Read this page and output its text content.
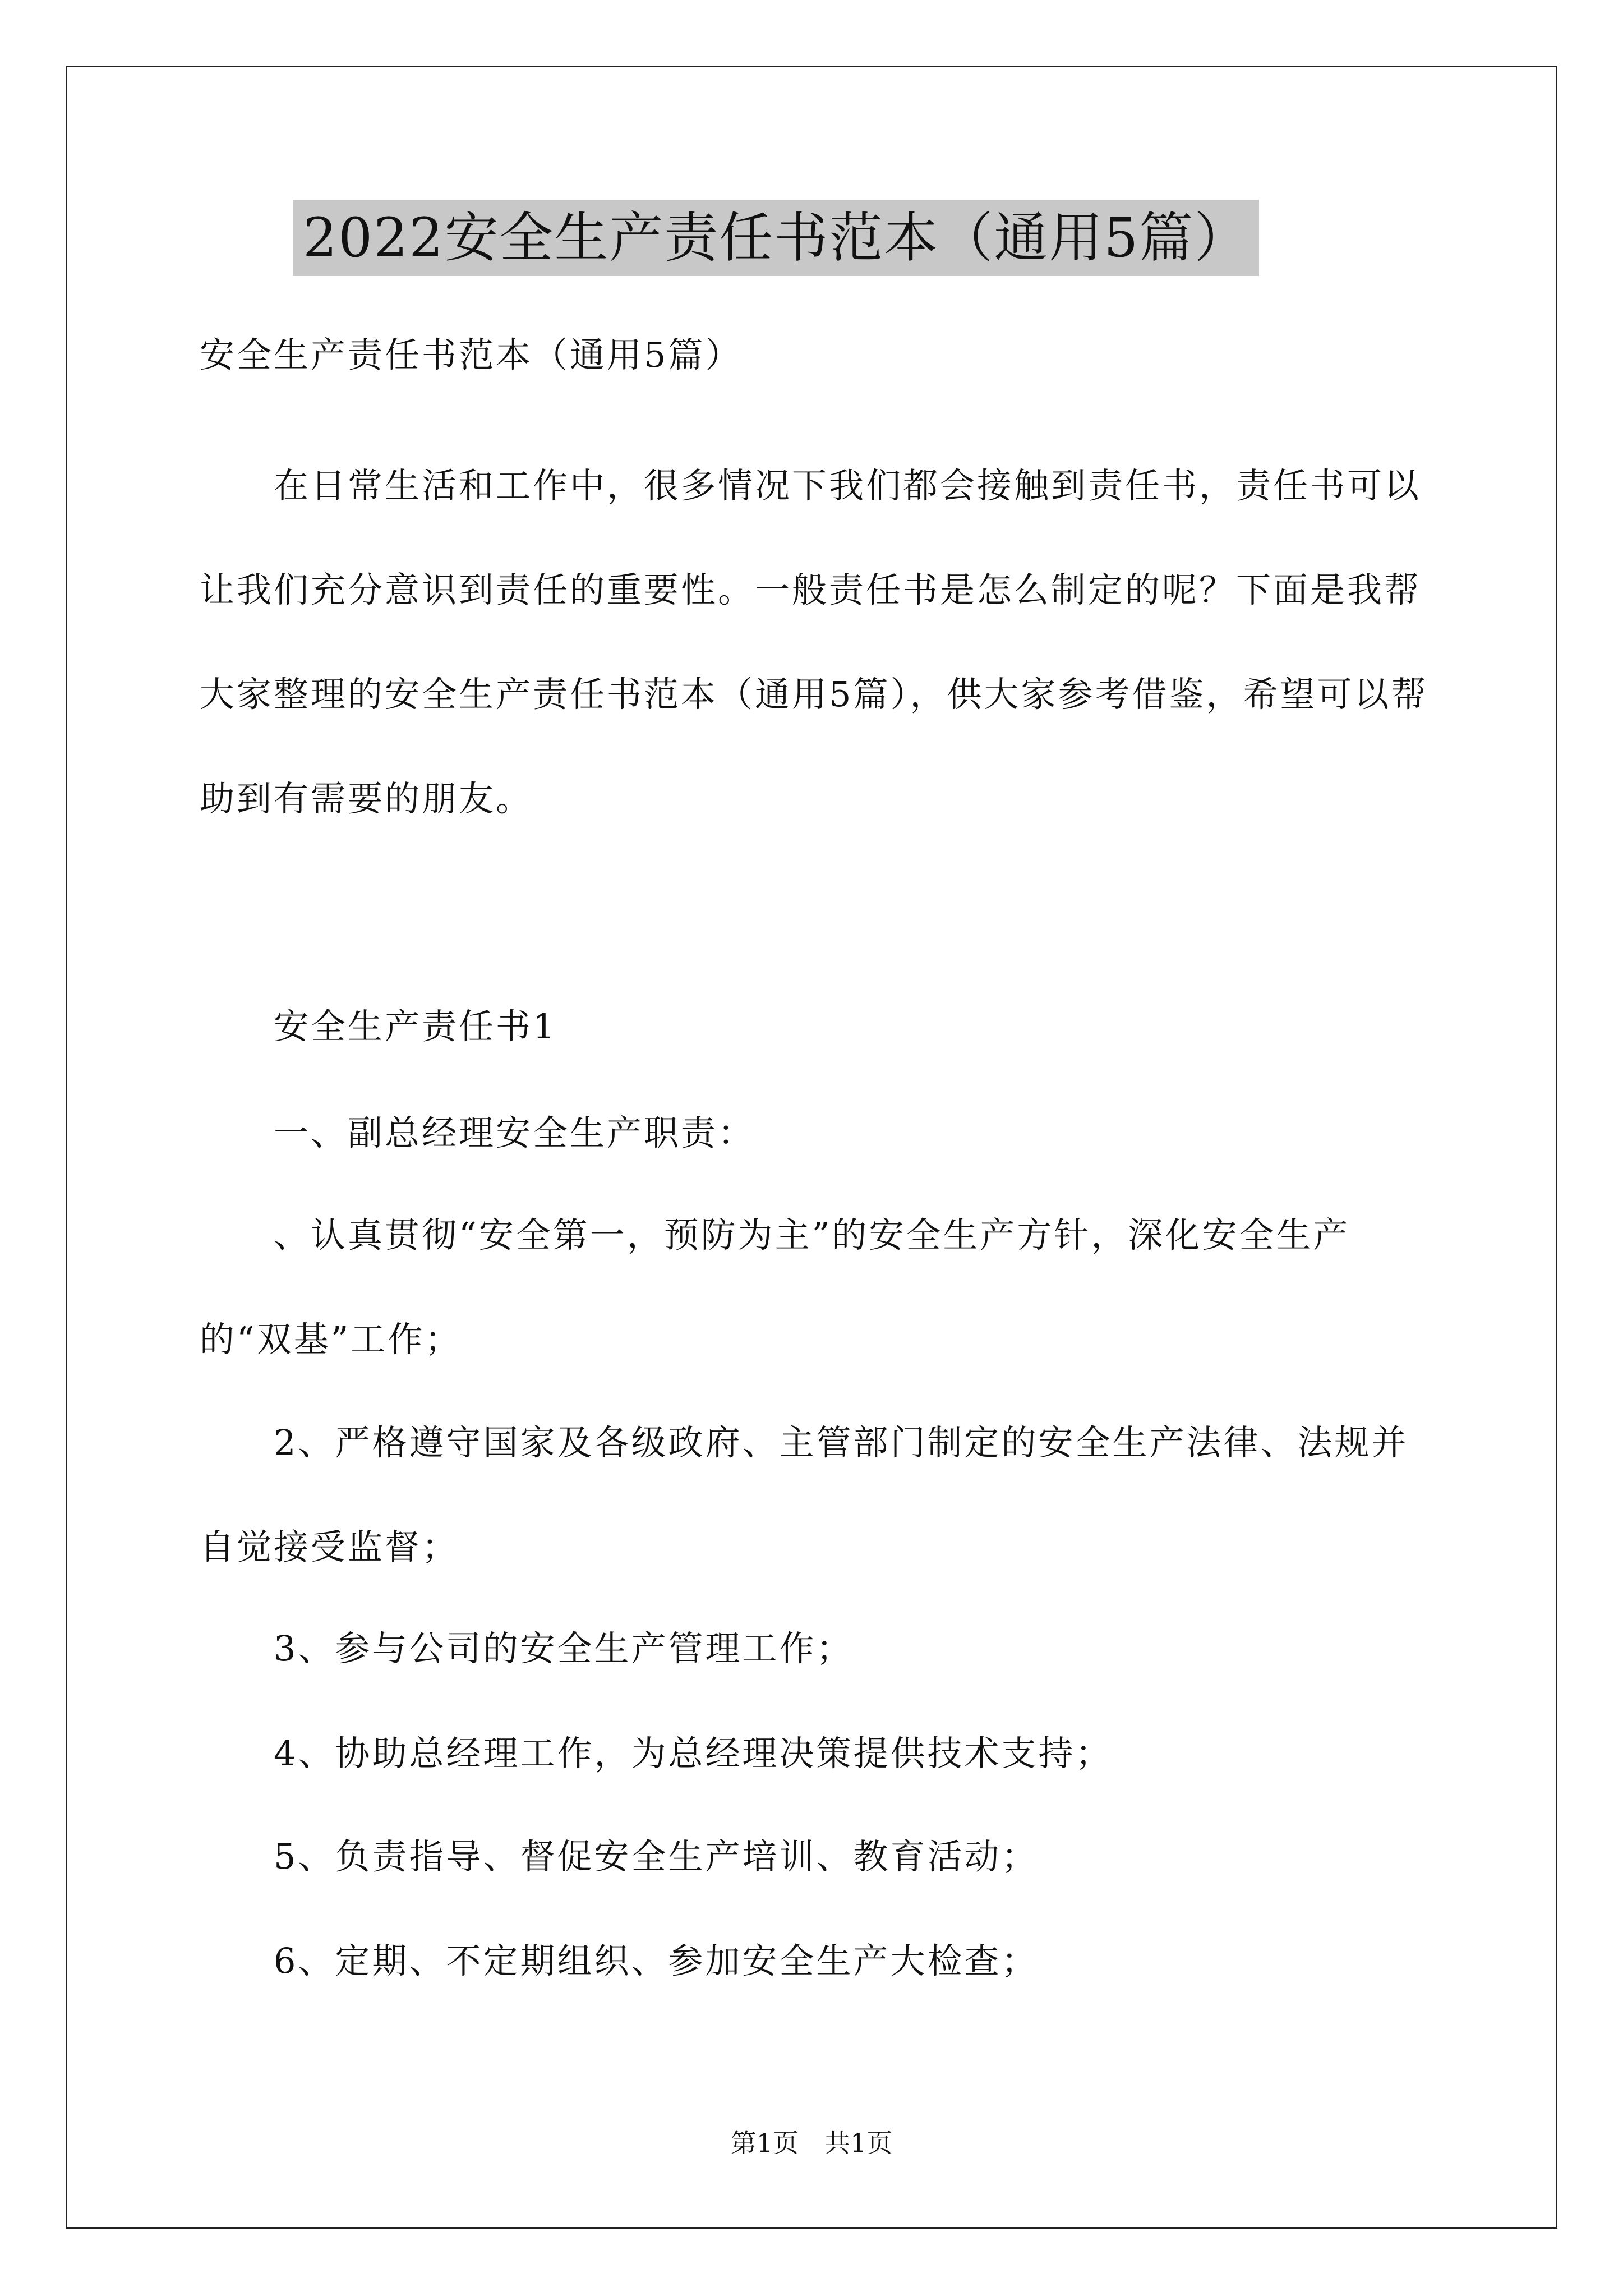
2022安全生产责任书范本（通用5篇）
安全生产责任书范本（通用5篇）
　　在日常生活和工作中，很多情况下我们都会接触到责任书，责任书可以让我们充分意识到责任的重要性。一般责任书是怎么制定的呢？下面是我帮大家整理的安全生产责任书范本（通用5篇），供大家参考借鉴，希望可以帮助到有需要的朋友。
　　安全生产责任书1
　　一、副总经理安全生产职责：
　　、认真贯彻“安全第一，预防为主”的安全生产方针，深化安全生产的“双基”工作；
　　2、严格遵守国家及各级政府、主管部门制定的安全生产法律、法规并自觉接受监督；
　　3、参与公司的安全生产管理工作；
　　4、协助总经理工作，为总经理决策提供技术支持；
　　5、负责指导、督促安全生产培训、教育活动；
　　6、定期、不定期组织、参加安全生产大检查；
第1页　共1页
